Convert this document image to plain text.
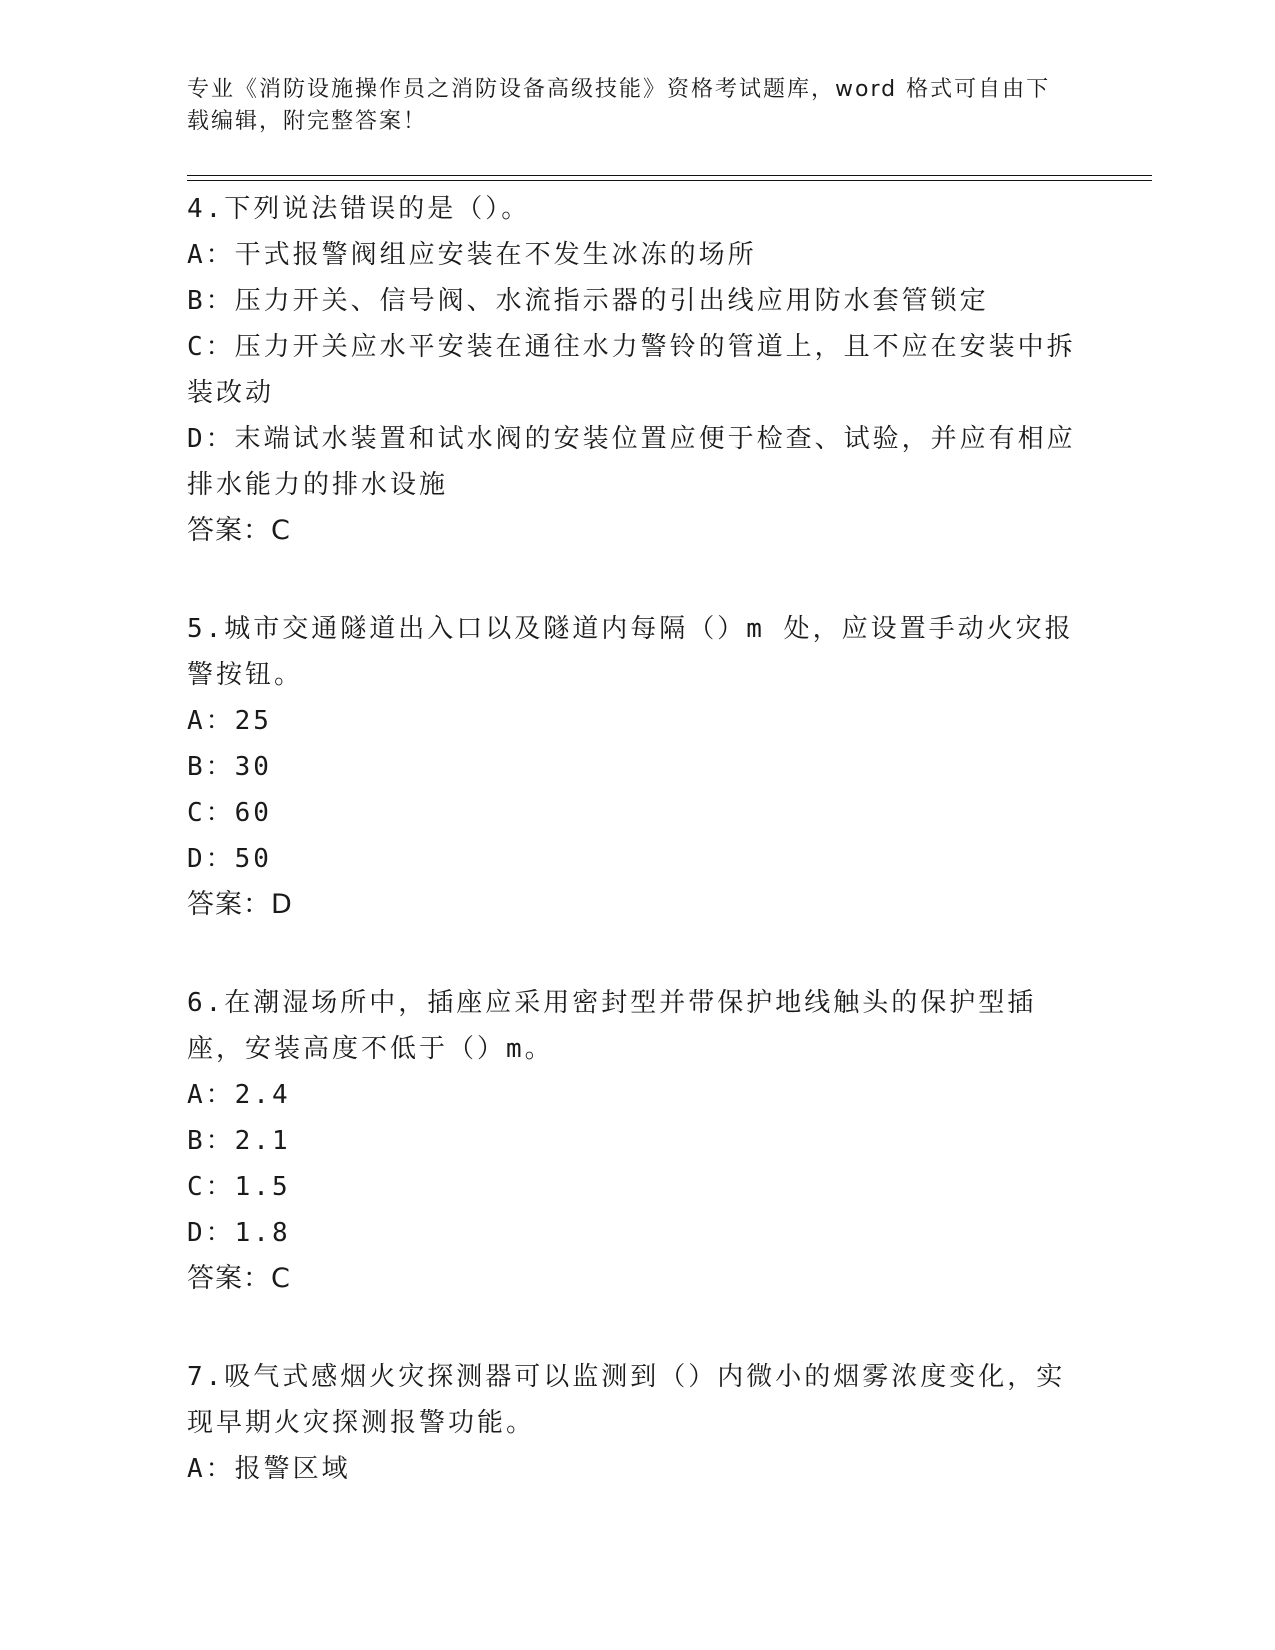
专业《消防设施操作员之消防设备高级技能》资格考试题库，word 格式可自由下载编辑，附完整答案！
4.下列说法错误的是（）。
A：干式报警阀组应安装在不发生冰冻的场所
B：压力开关、信号阀、水流指示器的引出线应用防水套管锁定
C：压力开关应水平安装在通往水力警铃的管道上，且不应在安装中拆装改动
D：末端试水装置和试水阀的安装位置应便于检查、试验，并应有相应排水能力的排水设施
答案：C
5.城市交通隧道出入口以及隧道内每隔（）m 处，应设置手动火灾报警按钮。
A：25
B：30
C：60
D：50
答案：D
6.在潮湿场所中，插座应采用密封型并带保护地线触头的保护型插座，安装高度不低于（）m。
A：2.4
B：2.1
C：1.5
D：1.8
答案：C
7.吸气式感烟火灾探测器可以监测到（）内微小的烟雾浓度变化，实现早期火灾探测报警功能。
A：报警区域
